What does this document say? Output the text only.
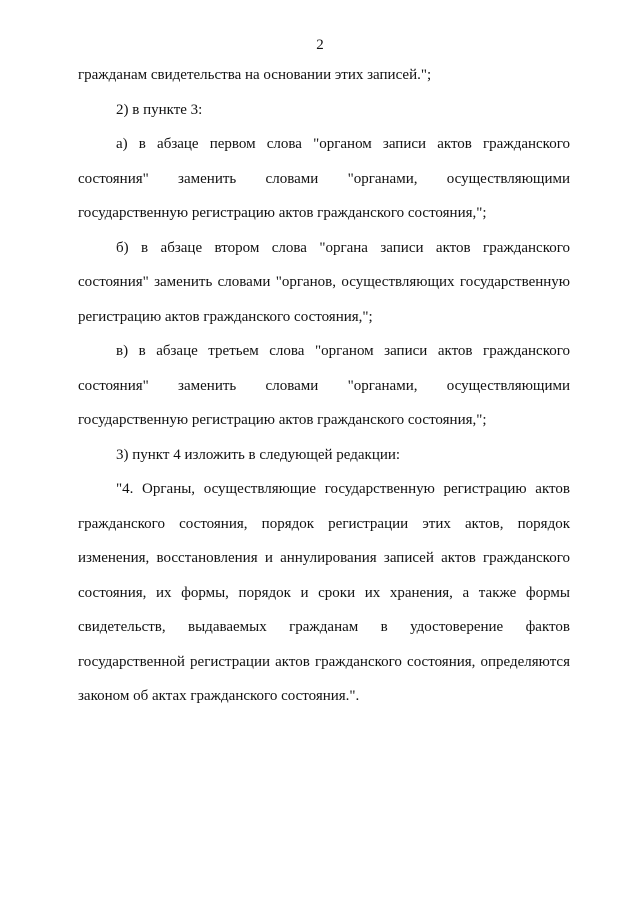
2

гражданам свидетельства на основании этих записей.";

2) в пункте 3:

а) в абзаце первом слова "органом записи актов гражданского состояния" заменить словами "органами, осуществляющими государственную регистрацию актов гражданского состояния,";

б) в абзаце втором слова "органа записи актов гражданского состояния" заменить словами "органов, осуществляющих государственную регистрацию актов гражданского состояния,";

в) в абзаце третьем слова "органом записи актов гражданского состояния" заменить словами "органами, осуществляющими государственную регистрацию актов гражданского состояния,";

3) пункт 4 изложить в следующей редакции:

"4. Органы, осуществляющие государственную регистрацию актов гражданского состояния, порядок регистрации этих актов, порядок изменения, восстановления и аннулирования записей актов гражданского состояния, их формы, порядок и сроки их хранения, а также формы свидетельств, выдаваемых гражданам в удостоверение фактов государственной регистрации актов гражданского состояния, определяются законом об актах гражданского состояния.".
